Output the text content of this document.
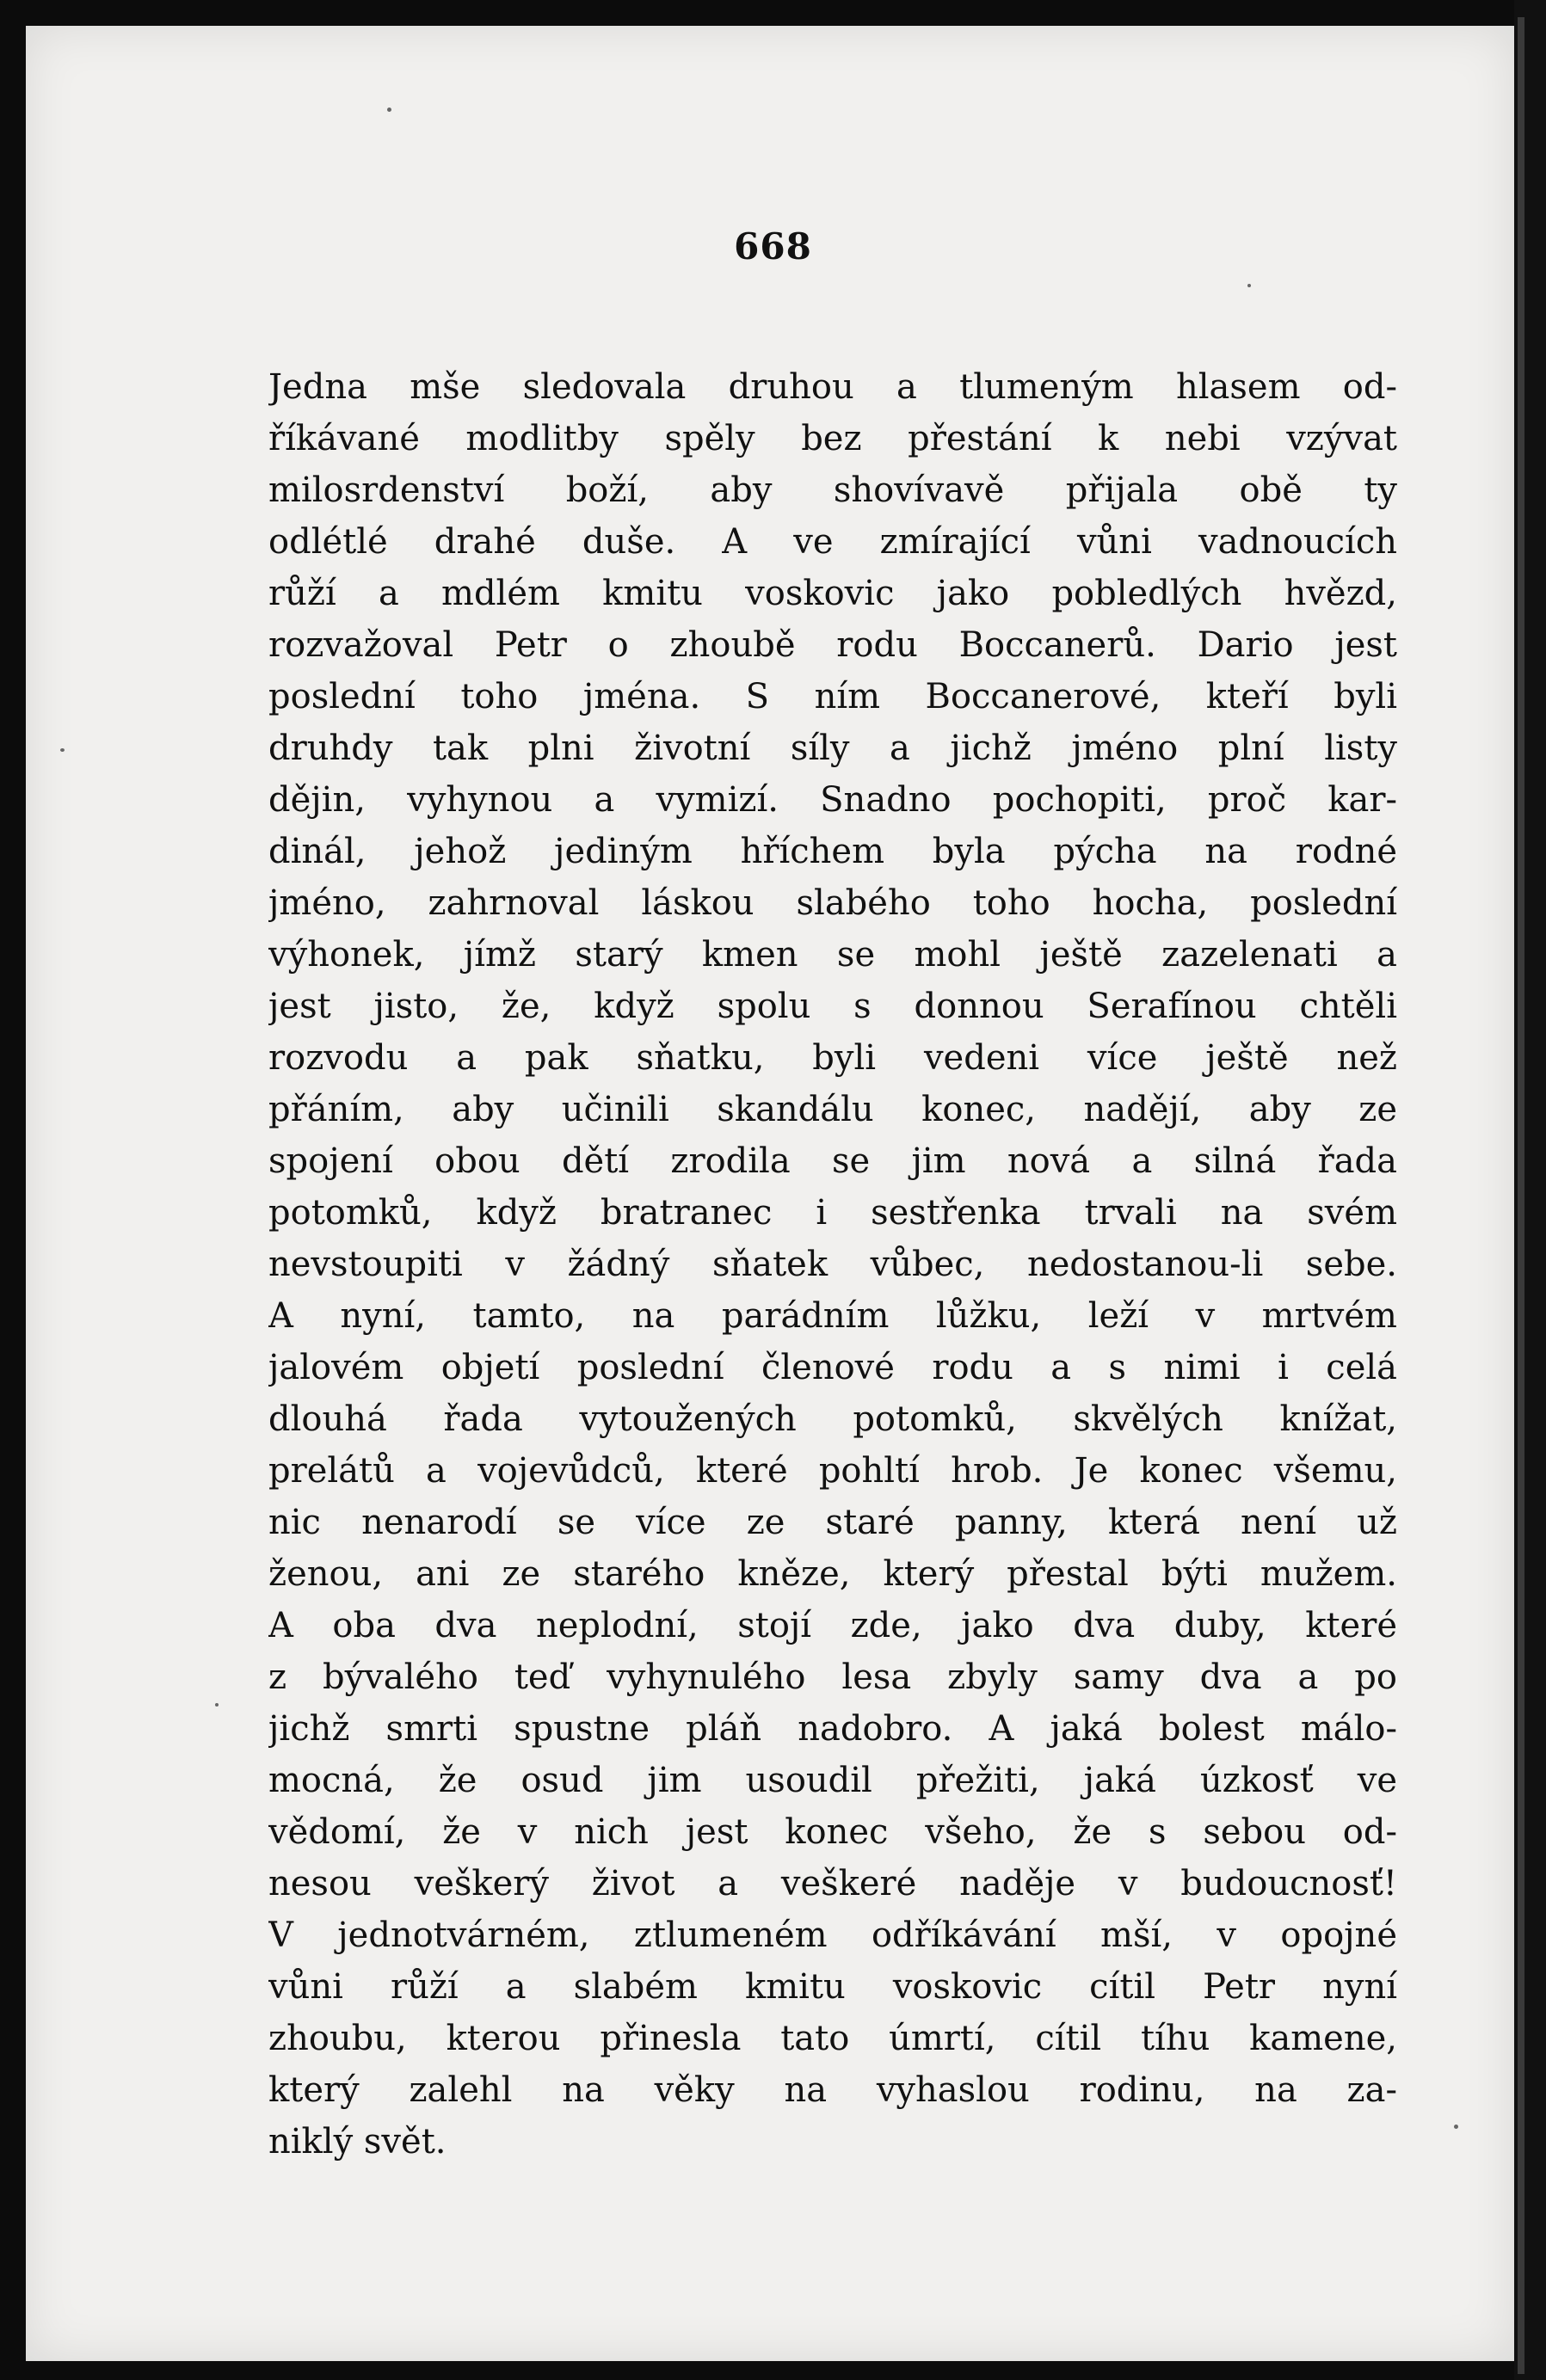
668
Jedna mše sledovala druhou a tlumeným hlasem od-
říkávané modlitby spěly bez přestání k nebi vzývat
milosrdenství boží, aby shovívavě přijala obě ty
odlétlé drahé duše. A ve zmírající vůni vadnoucích
růží a mdlém kmitu voskovic jako pobledlých hvězd,
rozvažoval Petr o zhoubě rodu Boccanerů. Dario jest
poslední toho jména. S ním Boccanerové, kteří byli
druhdy tak plni životní síly a jichž jméno plní listy
dějin, vyhynou a vymizí. Snadno pochopiti, proč kar-
dinál, jehož jediným hříchem byla pýcha na rodné
jméno, zahrnoval láskou slabého toho hocha, poslední
výhonek, jímž starý kmen se mohl ještě zazelenati a
jest jisto, že, když spolu s donnou Serafínou chtěli
rozvodu a pak sňatku, byli vedeni více ještě než
přáním, aby učinili skandálu konec, nadějí, aby ze
spojení obou dětí zrodila se jim nová a silná řada
potomků, když bratranec i sestřenka trvali na svém
nevstoupiti v žádný sňatek vůbec, nedostanou-li sebe.
A nyní, tamto, na parádním lůžku, leží v mrtvém
jalovém objetí poslední členové rodu a s nimi i celá
dlouhá řada vytoužených potomků, skvělých knížat,
prelátů a vojevůdců, které pohltí hrob. Je konec všemu,
nic nenarodí se více ze staré panny, která není už
ženou, ani ze starého kněze, který přestal býti mužem.
A oba dva neplodní, stojí zde, jako dva duby, které
z bývalého teď vyhynulého lesa zbyly samy dva a po
jichž smrti spustne pláň nadobro. A jaká bolest málo-
mocná, že osud jim usoudil přežiti, jaká úzkosť ve
vědomí, že v nich jest konec všeho, že s sebou od-
nesou veškerý život a veškeré naděje v budoucnosť!
V jednotvárném, ztlumeném odříkávání mší, v opojné
vůni růží a slabém kmitu voskovic cítil Petr nyní
zhoubu, kterou přinesla tato úmrtí, cítil tíhu kamene,
který zalehl na věky na vyhaslou rodinu, na za-
niklý svět.
